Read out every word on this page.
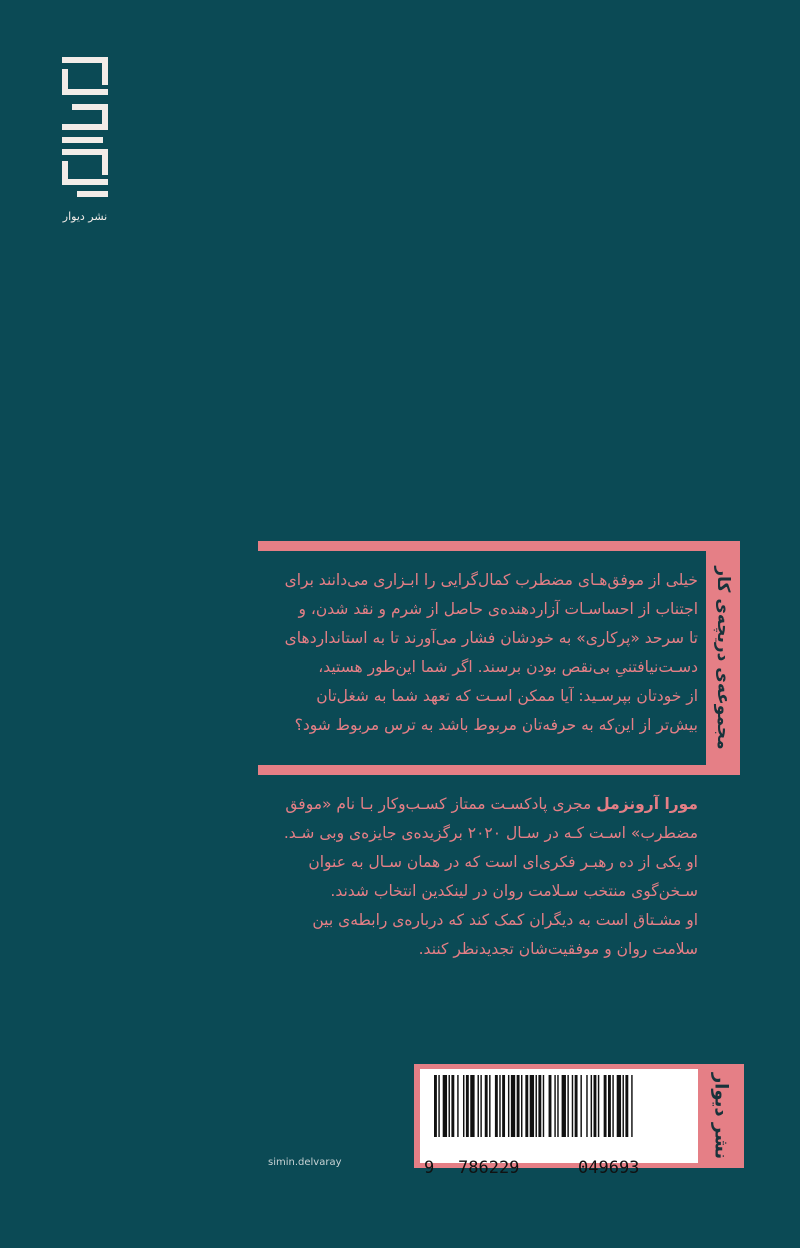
نشر دیوار
مجموعه‌ی دریچه‌ی کار
خیلی از موفق‌هـای مضطرب کمال‌گرایی را ابـزاری می‌دانند برای
اجتناب از احساسـات آزاردهنده‌ی حاصل از شرم و نقد شدن، و
تا سرحد «پرکاری» به خودشان فشار می‌آورند تا به استانداردهای
دسـت‌نیافتنیِ بی‌نقص بودن برسند. اگر شما این‌طور هستید،
از خودتان بپرسـید: آیا ممکن اسـت که تعهد شما به شغل‌تان
بیش‌تر از این‌که به حرفه‌تان مربوط باشد به ترس مربوط شود؟
مورا آرونزمل مجری پادکسـت ممتاز کسـب‌وکار بـا نام «موفق
مضطرب» اسـت کـه در سـال ۲۰۲۰ برگزیده‌ی جایزه‌ی وبی شـد.
او یکی از ده رهبـر فکری‌ای است که در همان سـال به عنوان
سـخن‌گوی منتخب سـلامت روان در لینکدین انتخاب شدند.
او مشـتاق است به دیگران کمک کند که درباره‌ی رابطه‌ی بین
سلامت روان و موفقیت‌شان تجدیدنظر کنند.
9 786229	049693
نشر دیوار
simin.delvaray
